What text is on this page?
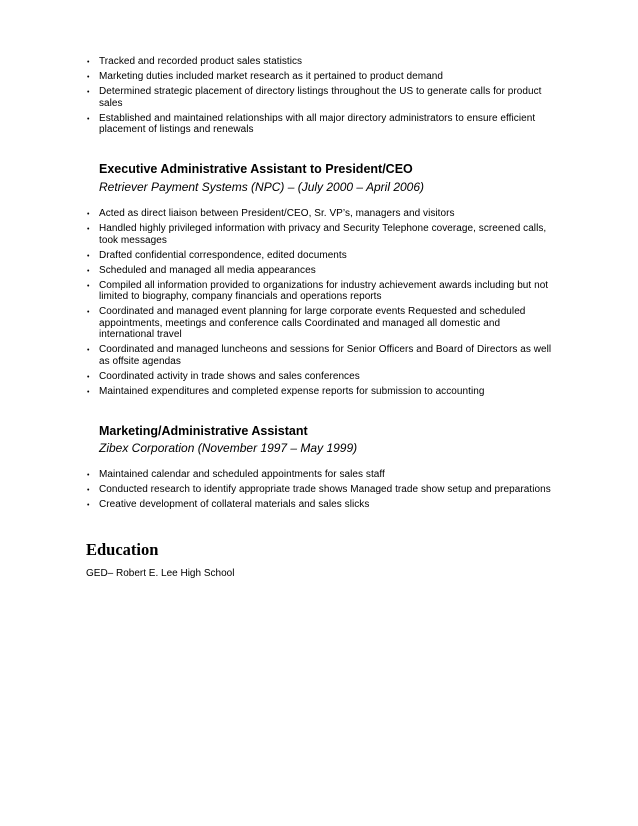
• Tracked and recorded product sales statistics
• Marketing duties included market research as it pertained to product demand
• Determined strategic placement of directory listings throughout the US to generate calls for product sales
• Established and maintained relationships with all major directory administrators to ensure efficient placement of listings and renewals
Executive Administrative Assistant to President/CEO
Retriever Payment Systems (NPC) – (July 2000 – April 2006)
• Acted as direct liaison between President/CEO, Sr. VP’s, managers and visitors
• Handled highly privileged information with privacy and Security Telephone coverage, screened calls, took messages
• Drafted confidential correspondence, edited documents
• Scheduled and managed all media appearances
• Compiled all information provided to organizations for industry achievement awards including but not limited to biography, company financials and operations reports
• Coordinated and managed event planning for large corporate events Requested and scheduled appointments, meetings and conference calls Coordinated and managed all domestic and international travel
• Coordinated and managed luncheons and sessions for Senior Officers and Board of Directors as well as offsite agendas
• Coordinated activity in trade shows and sales conferences
• Maintained expenditures and completed expense reports for submission to accounting
Marketing/Administrative Assistant
Zibex Corporation (November 1997 – May 1999)
• Maintained calendar and scheduled appointments for sales staff
• Conducted research to identify appropriate trade shows Managed trade show setup and preparations
• Creative development of collateral materials and sales slicks
Education
GED– Robert E. Lee High School
